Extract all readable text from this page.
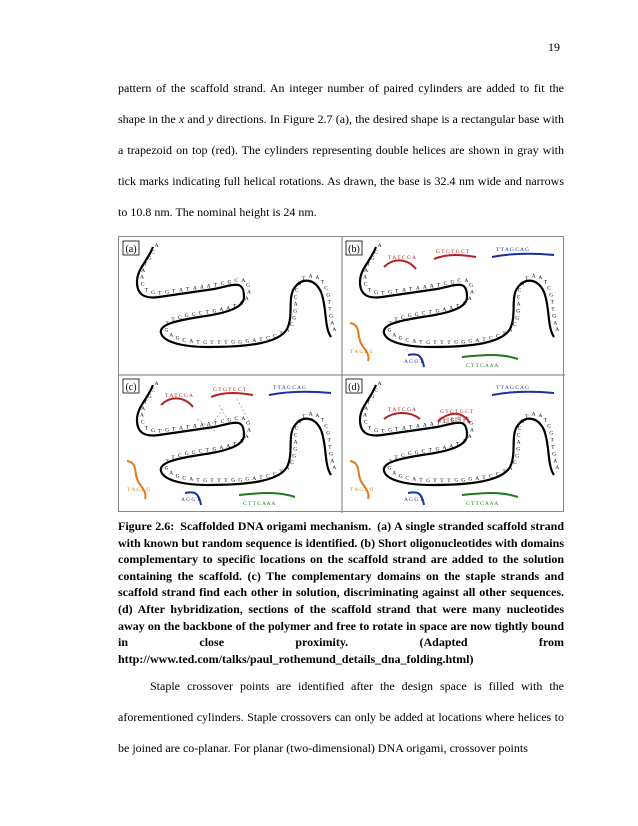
19

pattern of the scaffold strand. An integer number of paired cylinders are added to fit the shape in the x and y directions. In Figure 2.7 (a), the desired shape is a rectangular base with a trapezoid on top (red). The cylinders representing double helices are shown in gray with tick marks indicating full helical rotations. As drawn, the base is 32.4 nm wide and narrows to 10.8 nm. The nominal height is 24 nm.

(a)	A
C
G
T
A
A
C
T G T G T A T A A A T C G C A
G
A
A
A
T
A
A
G
T
C
G
G
C
T
T
G
A
G C A T G T T T G G G A T C C T
A
C
G
G
A
C
C
G
T A A
T
C
G
T
T
G
A
A
(b)	A
C
G
T
A
A
C
T G T G T A T A A A T C G C A
G
A
A
A
T
A
A
G
T
C
G
G
C
T
T
G
A
G C A T G T T T G G G A T C C T
A
C
G
G
A
C
C
G
T A A
T
C
G
T
T
G
A
A
T A T C G A
G T G T G C T	T T A G C A G
T A G A G
A G G T
C T T C A A A
(c)	A
C
G
T
A
A
C
T G T G T A T A A A T C G C A
G
A
A
A
T
A
A
G
T
C
G
G
C
T
T
G
A
G C A T G T T T G G G A T C C T
A
C
G
G
A
C
C
G
T A A
T
C
G
T
T
G
A
A
T A T C G A
G T G T G C T	T T A G C A G
T A G A G
A G G T
C T T C A A A
(d)	A
C
G
T
A
A
C
T G T G T A T A A A T C G C A
G
A
A
A
T
A
A
G
T
C
G
G
C
T
T
G
A
G C A T G T T T G G G A T C C T
A
C
G
G
A
C
C
G
T A A
T
C
G
T
T
G
A
A
T A T C G A	G T G T G C T
T T A G C A G
T A G A G
A G G T
C T T C A A A

Figure 2.6: Scaffolded DNA origami mechanism. (a) A single stranded scaffold strand with known but random sequence is identified. (b) Short oligonucleotides with domains complementary to specific locations on the scaffold strand are added to the solution containing the scaffold. (c) The complementary domains on the staple strands and scaffold strand find each other in solution, discriminating against all other sequences. (d) After hybridization, sections of the scaffold strand that were many nucleotides away on the backbone of the polymer and free to rotate in space are now tightly bound in close proximity. (Adapted from http://www.ted.com/talks/paul_rothemund_details_dna_folding.html)

Staple crossover points are identified after the design space is filled with the aforementioned cylinders. Staple crossovers can only be added at locations where helices to be joined are co-planar. For planar (two-dimensional) DNA origami, crossover points
